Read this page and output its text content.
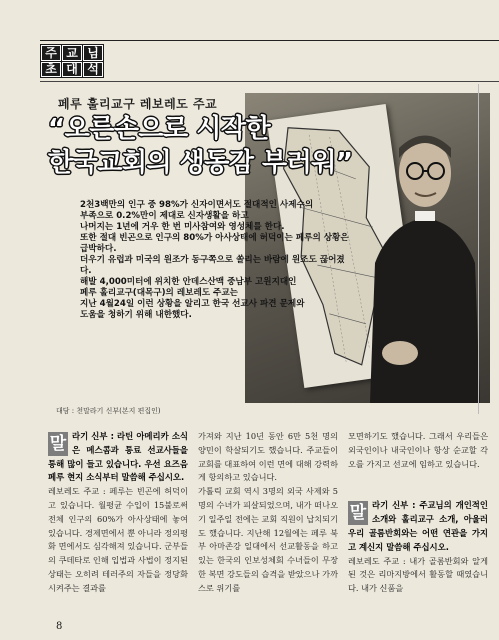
주 교 님
초 대 석
페루 훌리교구 레보레도 주교
“오른손으로 시작한
한국교회의 생동감 부러워”

2천3백만의 인구 중 98%가 신자이면서도 절대적인 사제수의

부족으로 0.2%만이 제대로 신자생활을 하고

나머지는 1년에 거우 한 번 미사참여와 영성체를 한다.

또한 절대 빈곤으로 인구의 80%가 아사상태에 허덕이는 페루의 상황은 급박하다.

더우기 유럽과 미국의 원조가 동구쪽으로 쏠리는 바람에 원조도 끊어졌다.

해발 4,000미터에 위치한 안데스산맥 중남부 고원지대인

페루 훌리교구(대목구)의 레보레도 주교는

지난 4월24일 이런 상황을 알리고 한국 선교사 파견 문제와

도움을 청하기 위해 내한했다.

대담 : 천말라기 신부(본지 편집인)

말 라기 신부 : 라틴 아메리카 소식은 메스콤과 통료 선교사들을 통해 많이 들고 있습니다. 우선 요즈음 페루 현지 소식부터 말씀해 주십시오.

레보레도 주교 : 페루는 빈곤에 허덕이고 있습니다. 월평균 수입이 15불로써 전체 인구의 60%가 아사상태에 놓여 있습니다. 경제면에서 뿐 아니라 정의평화 면에서도 심각해져 있습니다. 군부들의 쿠데타로 인해 입법과 사법이 정지된 상태는 오히려 테러주의 자들을 정당화 시켜주는 결과를

가져와 지난 10년 동안 6만 5천 명의 양민이 학살되기도 했습니다. 주교들이 교회를 대표하여 이런 면에 대해 강력하게 항의하고 있습니다.

가톨릭 교회 역시 3명의 외국 사제와 5명의 수녀가 피살되었으며, 내가 떠나오기 일주일 전에는 교회 직원이 납치되기도 했습니다. 지난해 12월에는 페루 북부 아마존강 일대에서 선교활동을 하고 있는 한국의 인보성체회 수녀들이 무장한 복면 강도들의 습격을 받았으나 가까스로 위기를

모면하기도 했습니다. 그래서 우리들은 외국인이나 내국인이나 항상 순교할 각오를 가지고 선교에 임하고 있습니다.

말 라기 신부 : 주교님의 개인적인 소개와 훌리교구 소개, 아울러 우리 골롬반회와는 어떤 연관을 가지고 계신지 말씀해 주십시오.

레보레도 주교 : 내가 골롬반회와 알게 된 것은 리마지방에서 활동할 때였습니다. 내가 신품을

8
